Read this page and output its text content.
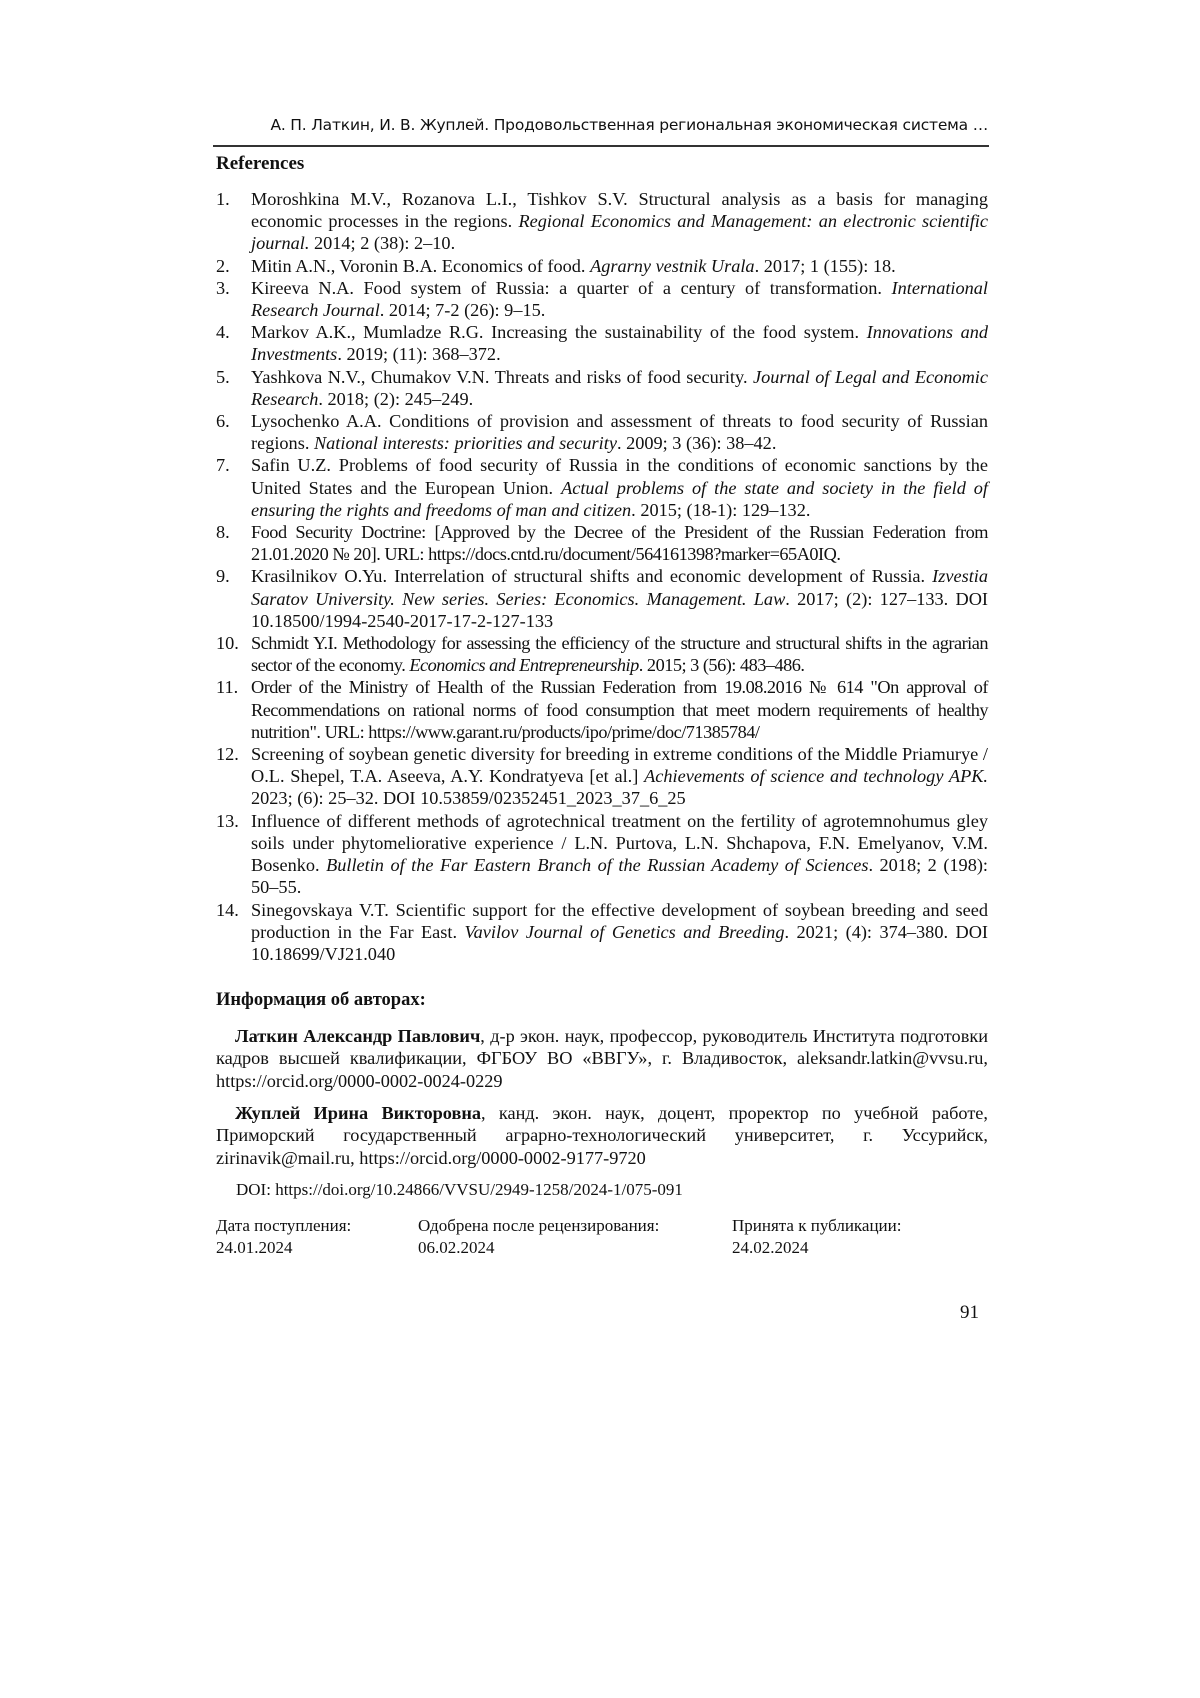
А. П. Латкин, И. В. Жуплей. Продовольственная региональная экономическая система …
References
1.	Moroshkina M.V., Rozanova L.I., Tishkov S.V. Structural analysis as a basis for managing economic processes in the regions. Regional Economics and Management: an electronic scientific journal. 2014; 2 (38): 2–10.
2.	Mitin A.N., Voronin B.A. Economics of food. Agrarny vestnik Urala. 2017; 1 (155): 18.
3.	Kireeva N.A. Food system of Russia: a quarter of a century of transformation. International Research Journal. 2014; 7-2 (26): 9–15.
4.	Markov A.K., Mumladze R.G. Increasing the sustainability of the food system. Innovations and Investments. 2019; (11): 368–372.
5.	Yashkova N.V., Chumakov V.N. Threats and risks of food security. Journal of Legal and Economic Research. 2018; (2): 245–249.
6.	Lysochenko A.A. Conditions of provision and assessment of threats to food security of Russian regions. National interests: priorities and security. 2009; 3 (36): 38–42.
7.	Safin U.Z. Problems of food security of Russia in the conditions of economic sanctions by the United States and the European Union. Actual problems of the state and society in the field of ensuring the rights and freedoms of man and citizen. 2015; (18-1): 129–132.
8.	Food Security Doctrine: [Approved by the Decree of the President of the Russian Federation from 21.01.2020 № 20]. URL: https://docs.cntd.ru/document/564161398?marker=65A0IQ.
9.	Krasilnikov O.Yu. Interrelation of structural shifts and economic development of Russia. Izvestia Saratov University. New series. Series: Economics. Management. Law. 2017; (2): 127–133. DOI 10.18500/1994-2540-2017-17-2-127-133
10. Schmidt Y.I. Methodology for assessing the efficiency of the structure and structural shifts in the agrarian sector of the economy. Economics and Entrepreneurship. 2015; 3 (56): 483–486.
11. Order of the Ministry of Health of the Russian Federation from 19.08.2016 № 614 "On approval of Recommendations on rational norms of food consumption that meet modern requirements of healthy nutrition". URL: https://www.garant.ru/products/ipo/prime/doc/71385784/
12. Screening of soybean genetic diversity for breeding in extreme conditions of the Middle Priamurye / O.L. Shepel, T.A. Aseeva, A.Y. Kondratyeva [et al.] Achievements of science and technology APK. 2023; (6): 25–32. DOI 10.53859/02352451_2023_37_6_25
13. Influence of different methods of agrotechnical treatment on the fertility of agrotemnohumus gley soils under phytomeliorative experience / L.N. Purtova, L.N. Shchapova, F.N. Emelyanov, V.M. Bosenko. Bulletin of the Far Eastern Branch of the Russian Academy of Sciences. 2018; 2 (198): 50–55.
14. Sinegovskaya V.T. Scientific support for the effective development of soybean breeding and seed production in the Far East. Vavilov Journal of Genetics and Breeding. 2021; (4): 374–380. DOI 10.18699/VJ21.040
Информация об авторах:
Латкин Александр Павлович, д-р экон. наук, профессор, руководитель Института подготовки кадров высшей квалификации, ФГБОУ ВО «ВВГУ», г. Владивосток, aleksandr.latkin@vvsu.ru, https://orcid.org/0000-0002-0024-0229
Жуплей Ирина Викторовна, канд. экон. наук, доцент, проректор по учебной работе, Приморский государственный аграрно-технологический университет, г. Уссурийск, zirinavik@mail.ru, https://orcid.org/0000-0002-9177-9720
DOI: https://doi.org/10.24866/VVSU/2949-1258/2024-1/075-091
Дата поступления:
24.01.2024
Одобрена после рецензирования:
06.02.2024
Принята к публикации:
24.02.2024
91
